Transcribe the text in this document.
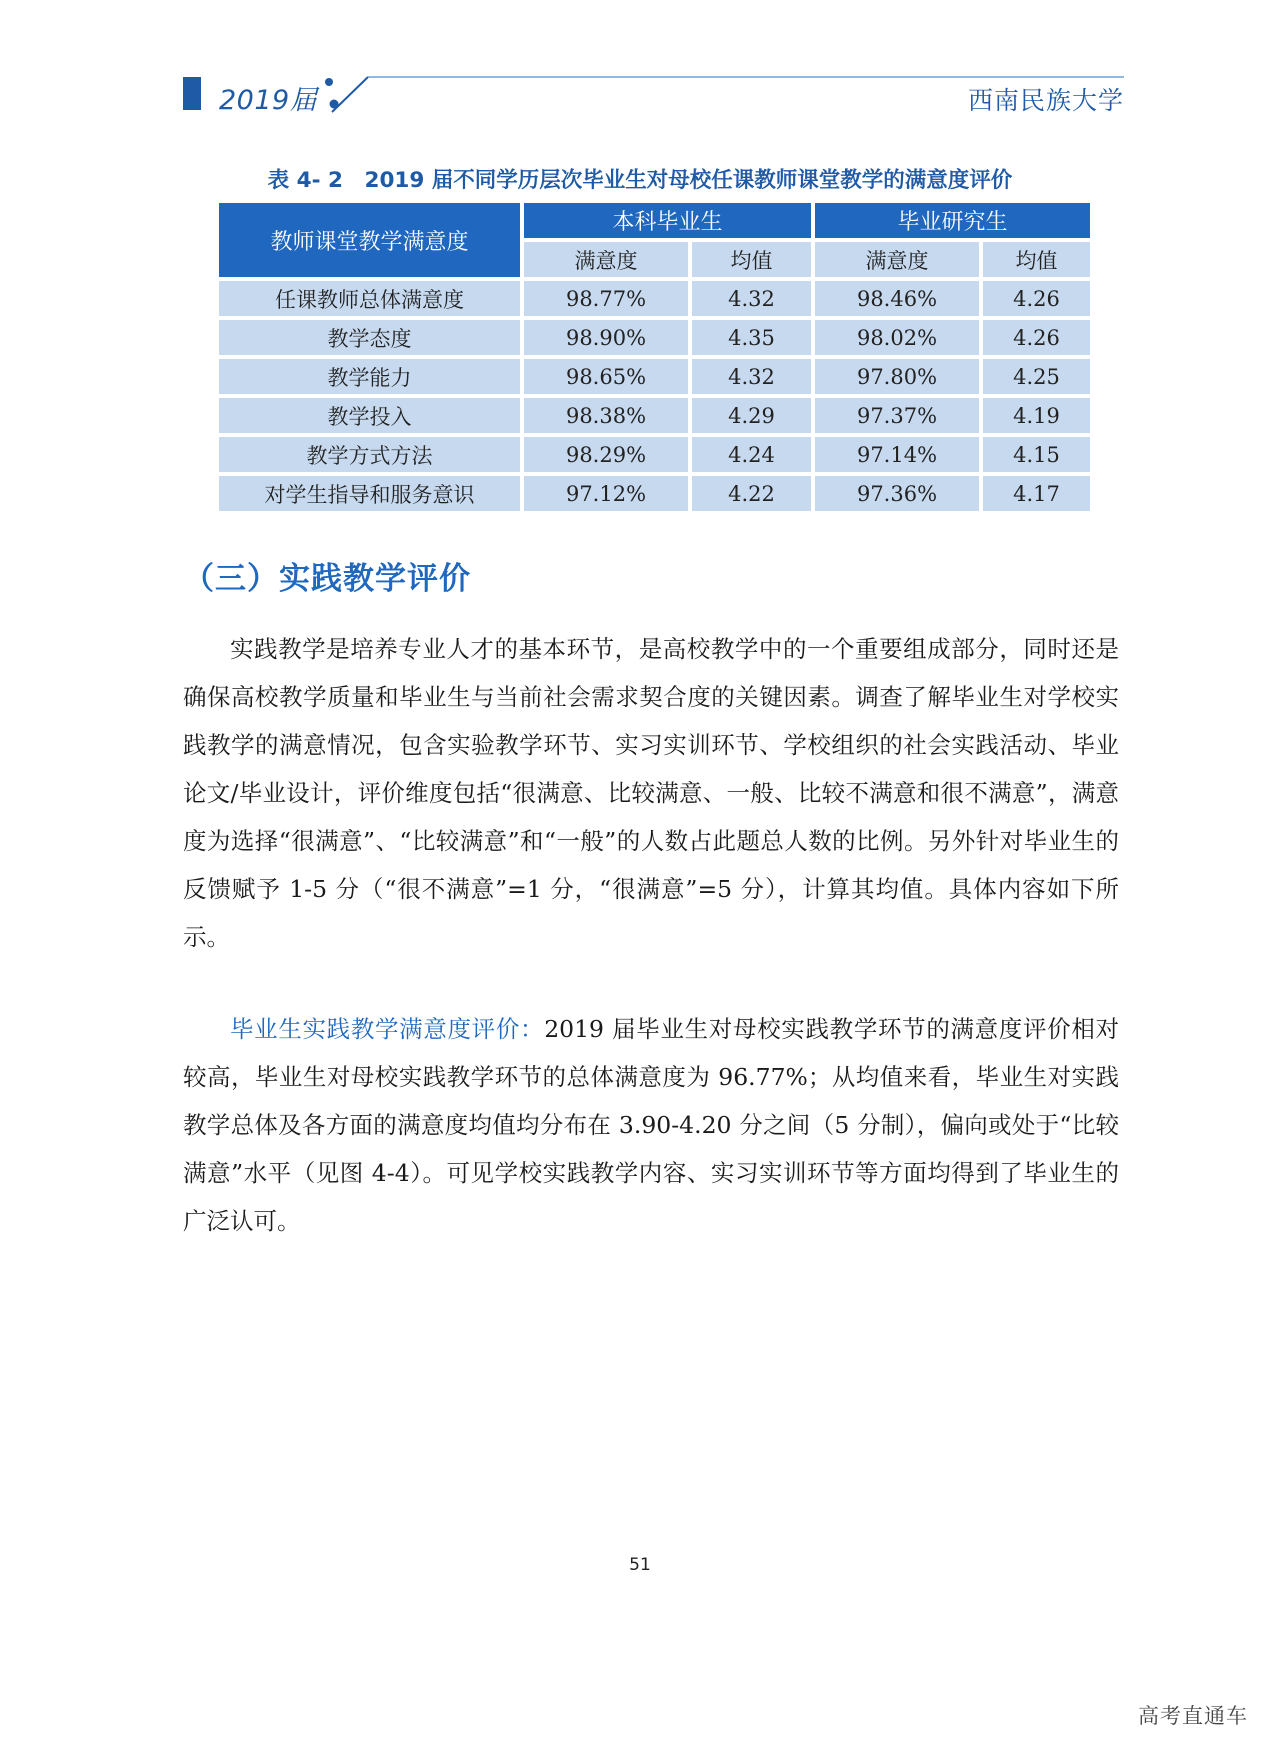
2019届	西南民族大学
表 4- 2　2019 届不同学历层次毕业生对母校任课教师课堂教学的满意度评价
教师课堂教学满意度	本科毕业生		毕业研究生	
	满意度	均值	满意度	均值
任课教师总体满意度	98.77%	4.32	98.46%	4.26
教学态度	98.90%	4.35	98.02%	4.26
教学能力	98.65%	4.32	97.80%	4.25
教学投入	98.38%	4.29	97.37%	4.19
教学方式方法	98.29%	4.24	97.14%	4.15
对学生指导和服务意识	97.12%	4.22	97.36%	4.17
（三）实践教学评价

实践教学是培养专业人才的基本环节，是高校教学中的一个重要组成部分，同时还是确保高校教学质量和毕业生与当前社会需求契合度的关键因素。调查了解毕业生对学校实践教学的满意情况，包含实验教学环节、实习实训环节、学校组织的社会实践活动、毕业论文/毕业设计，评价维度包括“很满意、比较满意、一般、比较不满意和很不满意”，满意度为选择“很满意”、“比较满意”和“一般”的人数占此题总人数的比例。另外针对毕业生的反馈赋予 1-5 分（“很不满意”=1 分，“很满意”=5 分），计算其均值。具体内容如下所示。

毕业生实践教学满意度评价：2019 届毕业生对母校实践教学环节的满意度评价相对较高，毕业生对母校实践教学环节的总体满意度为 96.77%；从均值来看，毕业生对实践教学总体及各方面的满意度均值均分布在 3.90-4.20 分之间（5 分制），偏向或处于“比较满意”水平（见图 4-4）。可见学校实践教学内容、实习实训环节等方面均得到了毕业生的广泛认可。

51
高考直通车
